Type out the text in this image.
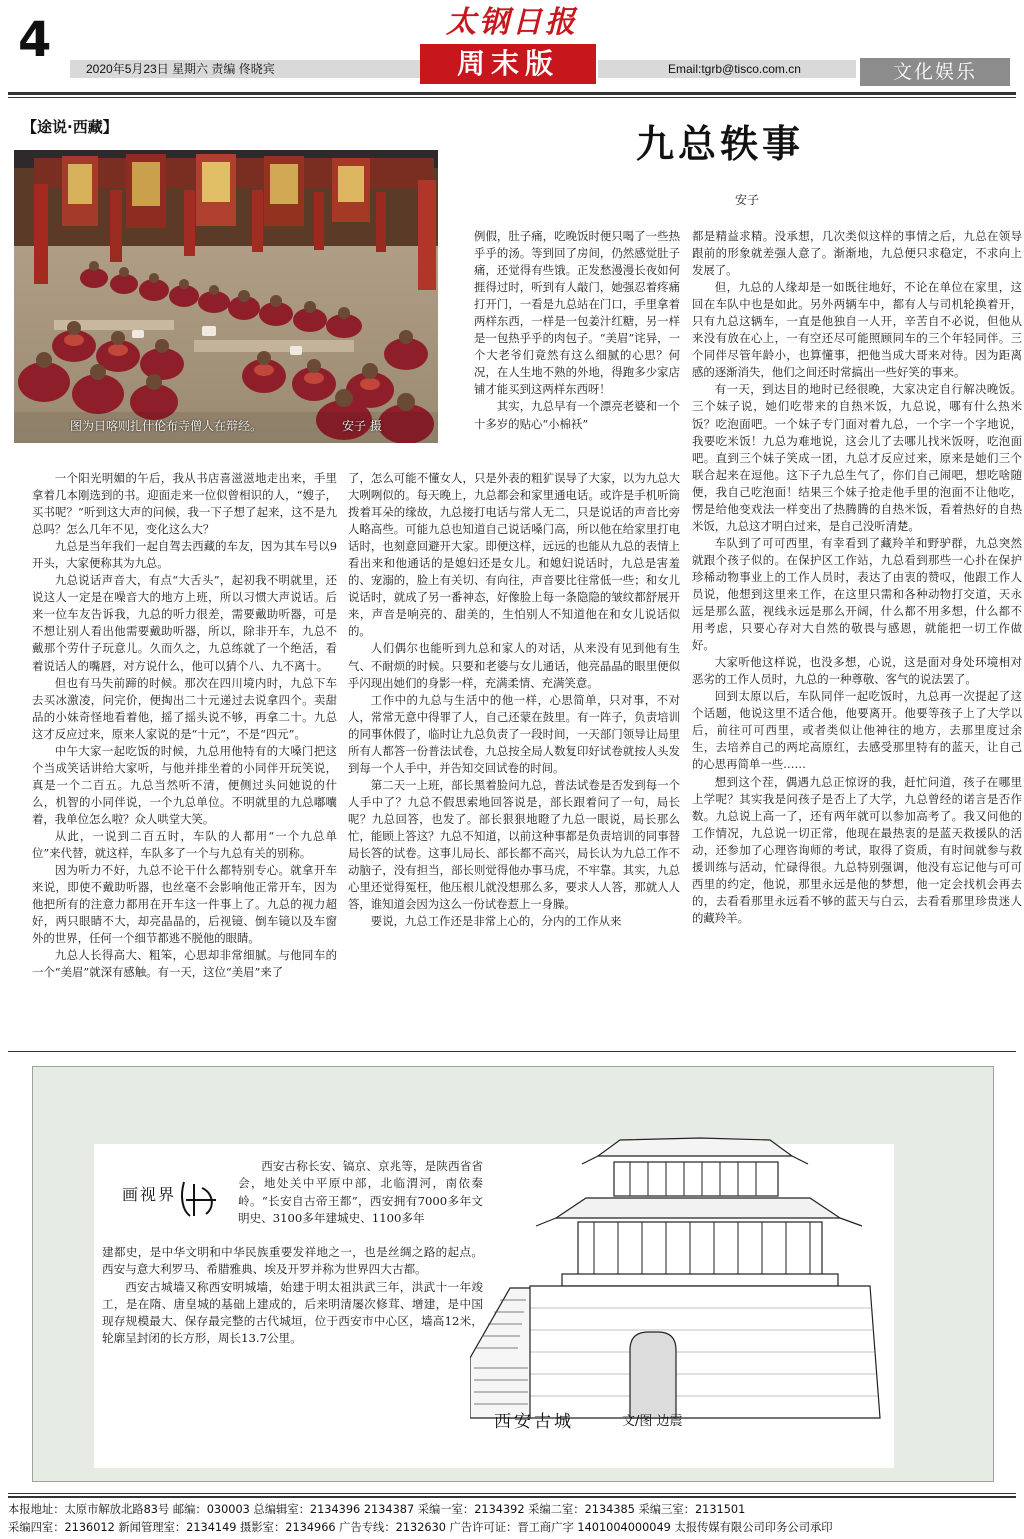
4
2020年5月23日 星期六 责编 佟晓宾
太钢日报
周末版	Email:tgrb@tisco.com.cn	文化娱乐
【途说·西藏】
图为日喀则扎什伦布寺僧人在辩经。	安子 摄
九总轶事
安子

一个阳光明媚的午后，我从书店喜滋滋地走出来，手里拿着几本刚选到的书。迎面走来一位似曾相识的人，“嫂子，买书呢？”听到这大声的问候，我一下子想了起来，这不是九总吗？怎么几年不见，变化这么大？

九总是当年我们一起自驾去西藏的车友，因为其车号以9开头，大家便称其为九总。

九总说话声音大，有点“大舌头”，起初我不明就里，还说这人一定是在噪音大的地方上班，所以习惯大声说话。后来一位车友告诉我，九总的听力很差，需要戴助听器，可是不想让别人看出他需要戴助听器，所以，除非开车，九总不戴那个劳什子玩意儿。久而久之，九总练就了一个绝活，看着说话人的嘴唇，对方说什么，他可以猜个八、九不离十。

但也有马失前蹄的时候。那次在四川境内时，九总下车去买冰激凌，问完价，便掏出二十元递过去说拿四个。卖甜品的小妹奇怪地看着他，摇了摇头说不够，再拿二十。九总这才反应过来，原来人家说的是“十元”，不是“四元”。

中午大家一起吃饭的时候，九总用他特有的大嗓门把这个当成笑话讲给大家听，与他并排坐着的小同伴开玩笑说，真是一个二百五。九总当然听不清，便侧过头问她说的什么，机智的小同伴说，一个九总单位。不明就里的九总嘟囔着，我单位怎么啦？众人哄堂大笑。

从此，一说到二百五时，车队的人都用“一个九总单位”来代替，就这样，车队多了一个与九总有关的别称。

因为听力不好，九总不论干什么都特别专心。就拿开车来说，即使不戴助听器，也丝毫不会影响他正常开车，因为他把所有的注意力都用在开车这一件事上了。九总的视力超好，两只眼睛不大，却亮晶晶的，后视镜、倒车镜以及车窗外的世界，任何一个细节都逃不脱他的眼睛。

九总人长得高大、粗笨，心思却非常细腻。与他同车的一个“美眉”就深有感触。有一天，这位“美眉”来了

例假，肚子痛，吃晚饭时便只喝了一些热乎乎的汤。等到回了房间，仍然感觉肚子痛，还觉得有些饿。正发愁漫漫长夜如何捱得过时，听到有人敲门，她强忍着疼痛打开门，一看是九总站在门口，手里拿着两样东西，一样是一包姜汁红糖，另一样是一包热乎乎的肉包子。“美眉”诧异，一个大老爷们竟然有这么细腻的心思？何况，在人生地不熟的外地，得跑多少家店铺才能买到这两样东西呀！

其实，九总早有一个漂亮老婆和一个十多岁的贴心“小棉袄”

了，怎么可能不懂女人，只是外表的粗犷误导了大家，以为九总大大咧咧似的。每天晚上，九总都会和家里通电话。或许是手机听筒拨着耳朵的缘故，九总接打电话与常人无二，只是说话的声音比旁人略高些。可能九总也知道自己说话嗓门高，所以他在给家里打电话时，也刻意回避开大家。即便这样，远远的也能从九总的表情上看出来和他通话的是媳妇还是女儿。和媳妇说话时，九总是害羞的、宠溺的，脸上有关切、有向往，声音要比往常低一些；和女儿说话时，就成了另一番神态，好像脸上每一条隐隐的皱纹都舒展开来，声音是响亮的、甜美的，生怕别人不知道他在和女儿说话似的。

人们偶尔也能听到九总和家人的对话，从来没有见到他有生气、不耐烦的时候。只要和老婆与女儿通话，他亮晶晶的眼里便似乎闪现出她们的身影一样，充满柔情、充满笑意。

工作中的九总与生活中的他一样，心思简单，只对事，不对人，常常无意中得罪了人，自己还蒙在鼓里。有一阵子，负责培训的同事休假了，临时让九总负责了一段时间，一天部门领导让局里所有人都答一份普法试卷，九总按全局人数复印好试卷就按人头发到每一个人手中，并告知交回试卷的时间。

第二天一上班，部长黑着脸问九总，普法试卷是否发到每一个人手中了？九总不假思索地回答说是，部长跟着问了一句，局长呢？九总回答，也发了。部长狠狠地瞪了九总一眼说，局长那么忙，能顾上答这？九总不知道，以前这种事都是负责培训的同事替局长答的试卷。这事儿局长、部长都不高兴，局长认为九总工作不动脑子，没有担当，部长则觉得他办事马虎，不牢靠。其实，九总心里还觉得冤枉，他压根儿就没想那么多，要求人人答，那就人人答，谁知道会因为这么一份试卷惹上一身臊。

要说，九总工作还是非常上心的，分内的工作从来

都是精益求精。没承想，几次类似这样的事情之后，九总在领导跟前的形象就差强人意了。渐渐地，九总便只求稳定，不求向上发展了。

但，九总的人缘却是一如既往地好，不论在单位在家里，这回在车队中也是如此。另外两辆车中，都有人与司机轮换着开，只有九总这辆车，一直是他独自一人开，辛苦自不必说，但他从来没有放在心上，一有空还尽可能照顾同车的三个年轻同伴。三个同伴尽管年龄小，也算懂事，把他当成大哥来对待。因为距离感的逐渐消失，他们之间还时常搞出一些好笑的事来。

有一天，到达目的地时已经很晚，大家决定自行解决晚饭。三个妹子说，她们吃带来的自热米饭，九总说，哪有什么热米饭？吃泡面吧。一个妹子专门面对着九总，一个字一个字地说，我要吃米饭！九总为难地说，这会儿了去哪儿找米饭呀，吃泡面吧。直到三个妹子笑成一团，九总才反应过来，原来是她们三个联合起来在逗他。这下子九总生气了，你们自己闹吧，想吃啥随便，我自己吃泡面！结果三个妹子抢走他手里的泡面不让他吃，愣是给他变戏法一样变出了热腾腾的自热米饭，看着热好的自热米饭，九总这才明白过来，是自己没听清楚。

车队到了可可西里，有幸看到了藏羚羊和野驴群，九总突然就跟个孩子似的。在保护区工作站，九总看到那些一心扑在保护珍稀动物事业上的工作人员时，表达了由衷的赞叹，他跟工作人员说，他想到这里来工作，在这里只需和各种动物打交道，天永远是那么蓝，视线永远是那么开阔，什么都不用多想，什么都不用考虑，只要心存对大自然的敬畏与感恩，就能把一切工作做好。

大家听他这样说，也没多想，心说，这是面对身处环境相对恶劣的工作人员时，九总的一种尊敬、客气的说法罢了。

回到太原以后，车队同伴一起吃饭时，九总再一次提起了这个话题，他说这里不适合他，他要离开。他要等孩子上了大学以后，前往可可西里，或者类似让他神往的地方，去那里度过余生，去培养自己的两坨高原红，去感受那里特有的蓝天，让自己的心思再简单一些……

想到这个茬，偶遇九总正惊讶的我，赶忙问道，孩子在哪里上学呢？其实我是问孩子是否上了大学，九总曾经的诺言是否作数。九总说上高一了，还有两年就可以参加高考了。我又问他的工作情况，九总说一切正常，他现在最热衷的是蓝天救援队的活动，还参加了心理咨询师的考试，取得了资质，有时间就参与救援训练与活动，忙碌得很。九总特别强调，他没有忘记他与可可西里的约定，他说，那里永远是他的梦想，他一定会找机会再去的，去看看那里永远看不够的蓝天与白云，去看看那里珍贵迷人的藏羚羊。

画视界

西安古称长安、镐京、京兆等，是陕西省省会，地处关中平原中部，北临渭河，南依秦岭。“长安自古帝王都”，西安拥有7000多年文明史、3100多年建城史、1100多年

建都史，是中华文明和中华民族重要发祥地之一，也是丝绸之路的起点。西安与意大利罗马、希腊雅典、埃及开罗并称为世界四大古都。

西安古城墙又称西安明城墙，始建于明太祖洪武三年，洪武十一年竣工，是在隋、唐皇城的基础上建成的，后来明清屡次修茸、增建，是中国现存规模最大、保存最完整的古代城垣，位于西安市中心区，墙高12米，轮廓呈封闭的长方形，周长13.7公里。

西安古城	文/图 边震
本报地址：太原市解放北路83号 邮编：030003 总编辑室：2134396 2134387 采编一室：2134392 采编二室：2134385 采编三室：2131501
采编四室：2136012 新闻管理室：2134149 摄影室：2134966 广告专线：2132630 广告许可证：晋工商广字 1401004000049 太报传媒有限公司印务公司承印
